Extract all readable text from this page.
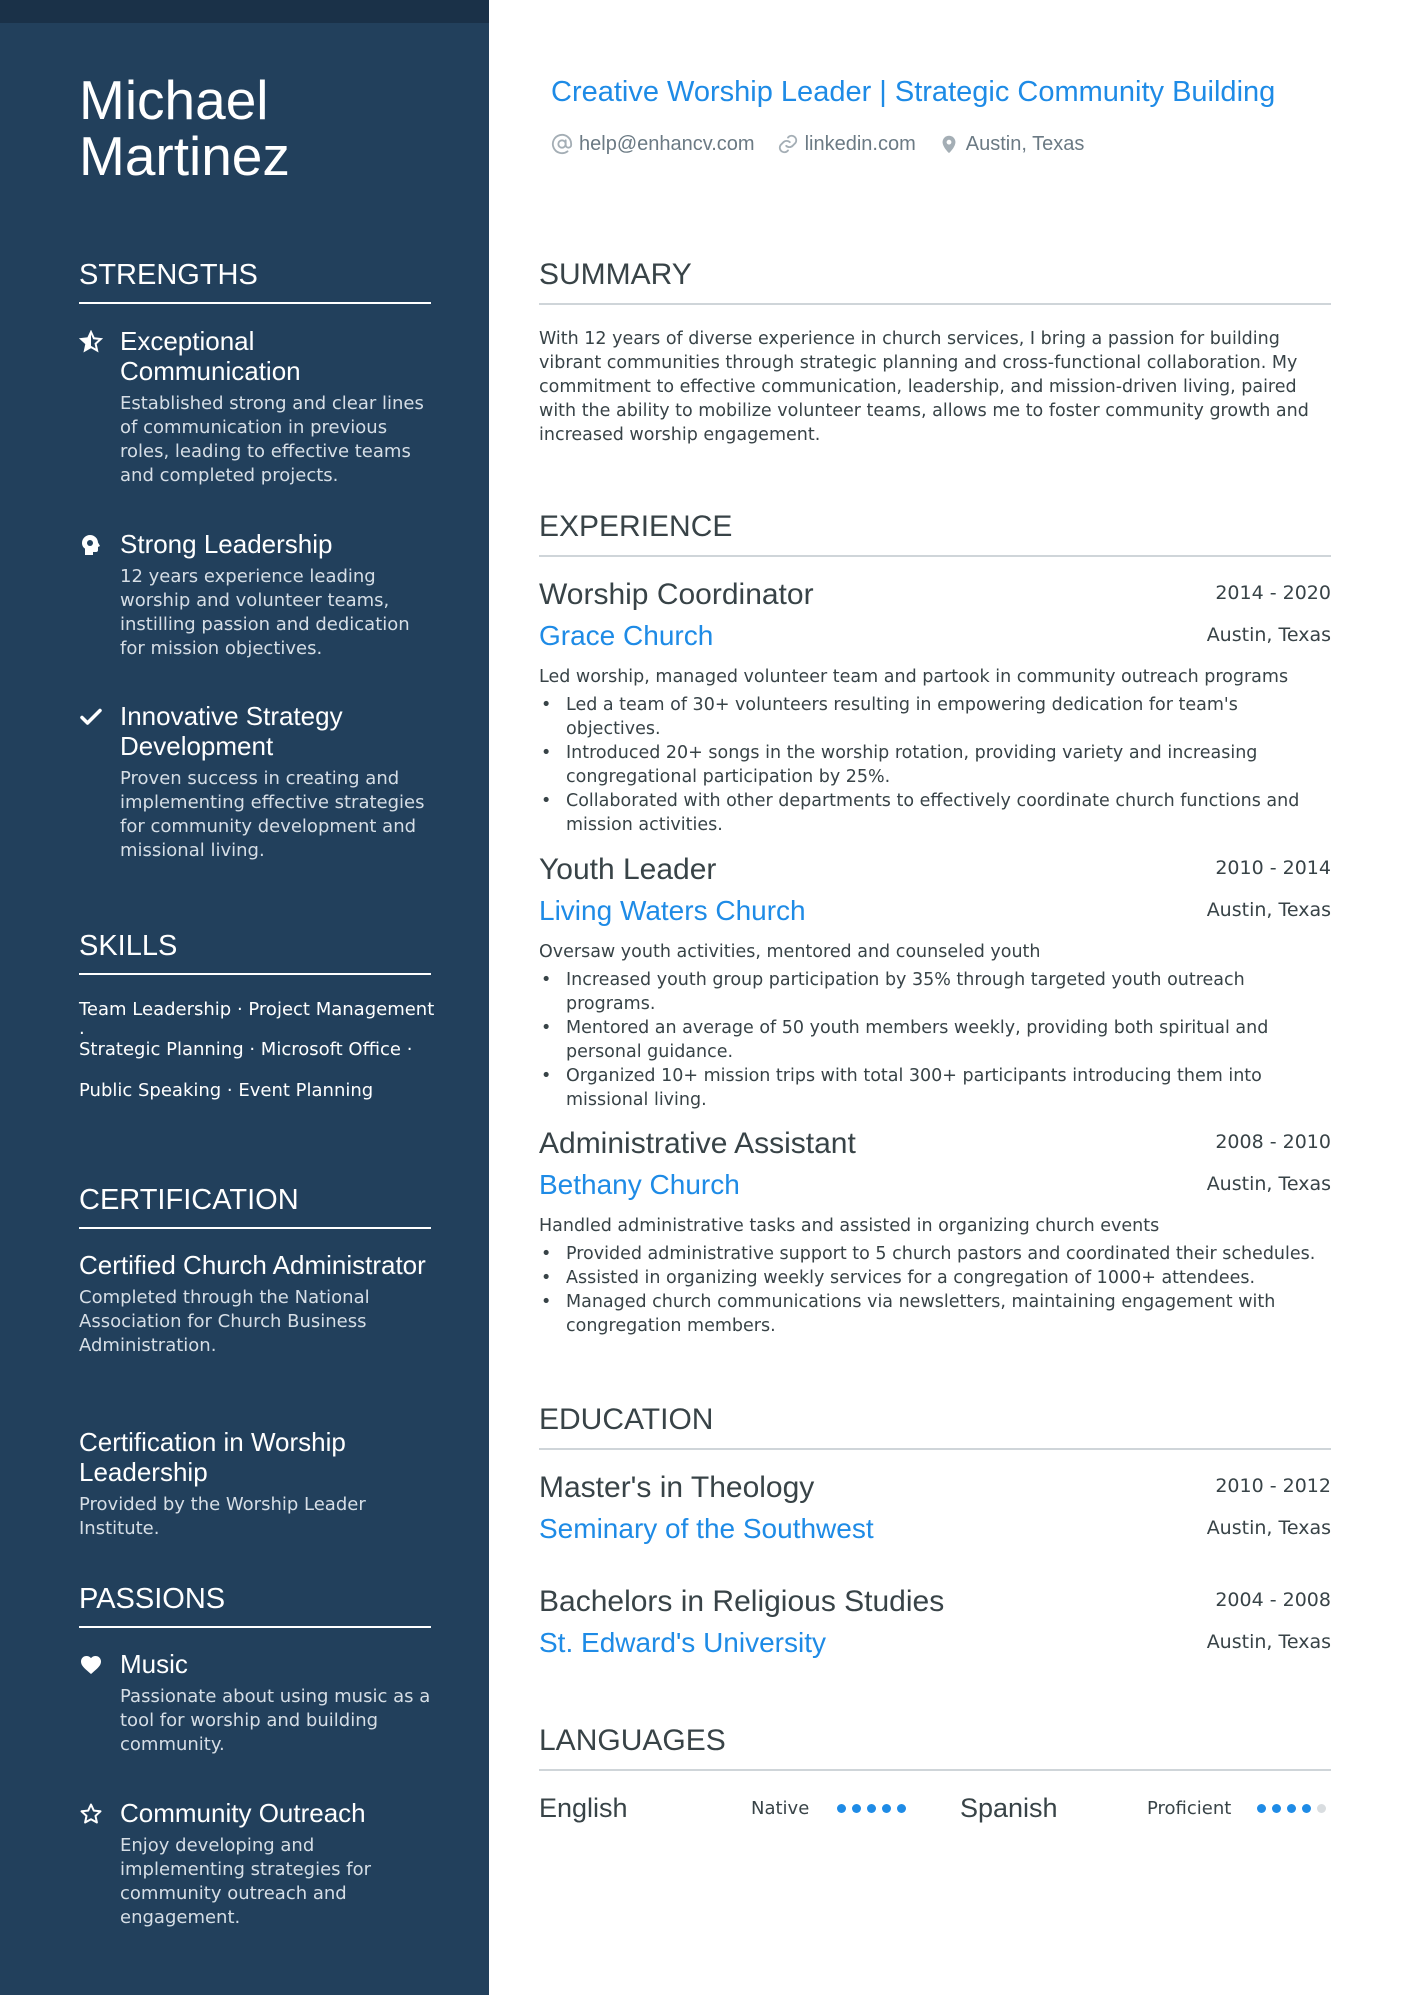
Michael Martinez
STRENGTHS
Exceptional Communication
Established strong and clear lines of communication in previous roles, leading to effective teams and completed projects.
Strong Leadership
12 years experience leading worship and volunteer teams, instilling passion and dedication for mission objectives.
Innovative Strategy Development
Proven success in creating and implementing effective strategies for community development and missional living.
SKILLS
Team Leadership · Project Management ·
Strategic Planning · Microsoft Office ·
Public Speaking · Event Planning
CERTIFICATION
Certified Church Administrator
Completed through the National Association for Church Business Administration.
Certification in Worship Leadership
Provided by the Worship Leader Institute.
PASSIONS
Music
Passionate about using music as a tool for worship and building community.
Community Outreach
Enjoy developing and implementing strategies for community outreach and engagement.
Creative Worship Leader | Strategic Community Building
help@enhancv.com	linkedin.com	Austin, Texas
SUMMARY
With 12 years of diverse experience in church services, I bring a passion for building vibrant communities through strategic planning and cross-functional collaboration. My commitment to effective communication, leadership, and mission-driven living, paired with the ability to mobilize volunteer teams, allows me to foster community growth and increased worship engagement.
EXPERIENCE
Worship Coordinator	2014 - 2020
Grace Church	Austin, Texas
Led worship, managed volunteer team and partook in community outreach programs
• Led a team of 30+ volunteers resulting in empowering dedication for team's objectives.
• Introduced 20+ songs in the worship rotation, providing variety and increasing congregational participation by 25%.
• Collaborated with other departments to effectively coordinate church functions and mission activities.
Youth Leader	2010 - 2014
Living Waters Church	Austin, Texas
Oversaw youth activities, mentored and counseled youth
• Increased youth group participation by 35% through targeted youth outreach programs.
• Mentored an average of 50 youth members weekly, providing both spiritual and personal guidance.
• Organized 10+ mission trips with total 300+ participants introducing them into missional living.
Administrative Assistant	2008 - 2010
Bethany Church	Austin, Texas
Handled administrative tasks and assisted in organizing church events
• Provided administrative support to 5 church pastors and coordinated their schedules.
• Assisted in organizing weekly services for a congregation of 1000+ attendees.
• Managed church communications via newsletters, maintaining engagement with congregation members.
EDUCATION
Master's in Theology	2010 - 2012
Seminary of the Southwest	Austin, Texas
Bachelors in Religious Studies	2004 - 2008
St. Edward's University	Austin, Texas
LANGUAGES
English	Native	Spanish	Proficient
